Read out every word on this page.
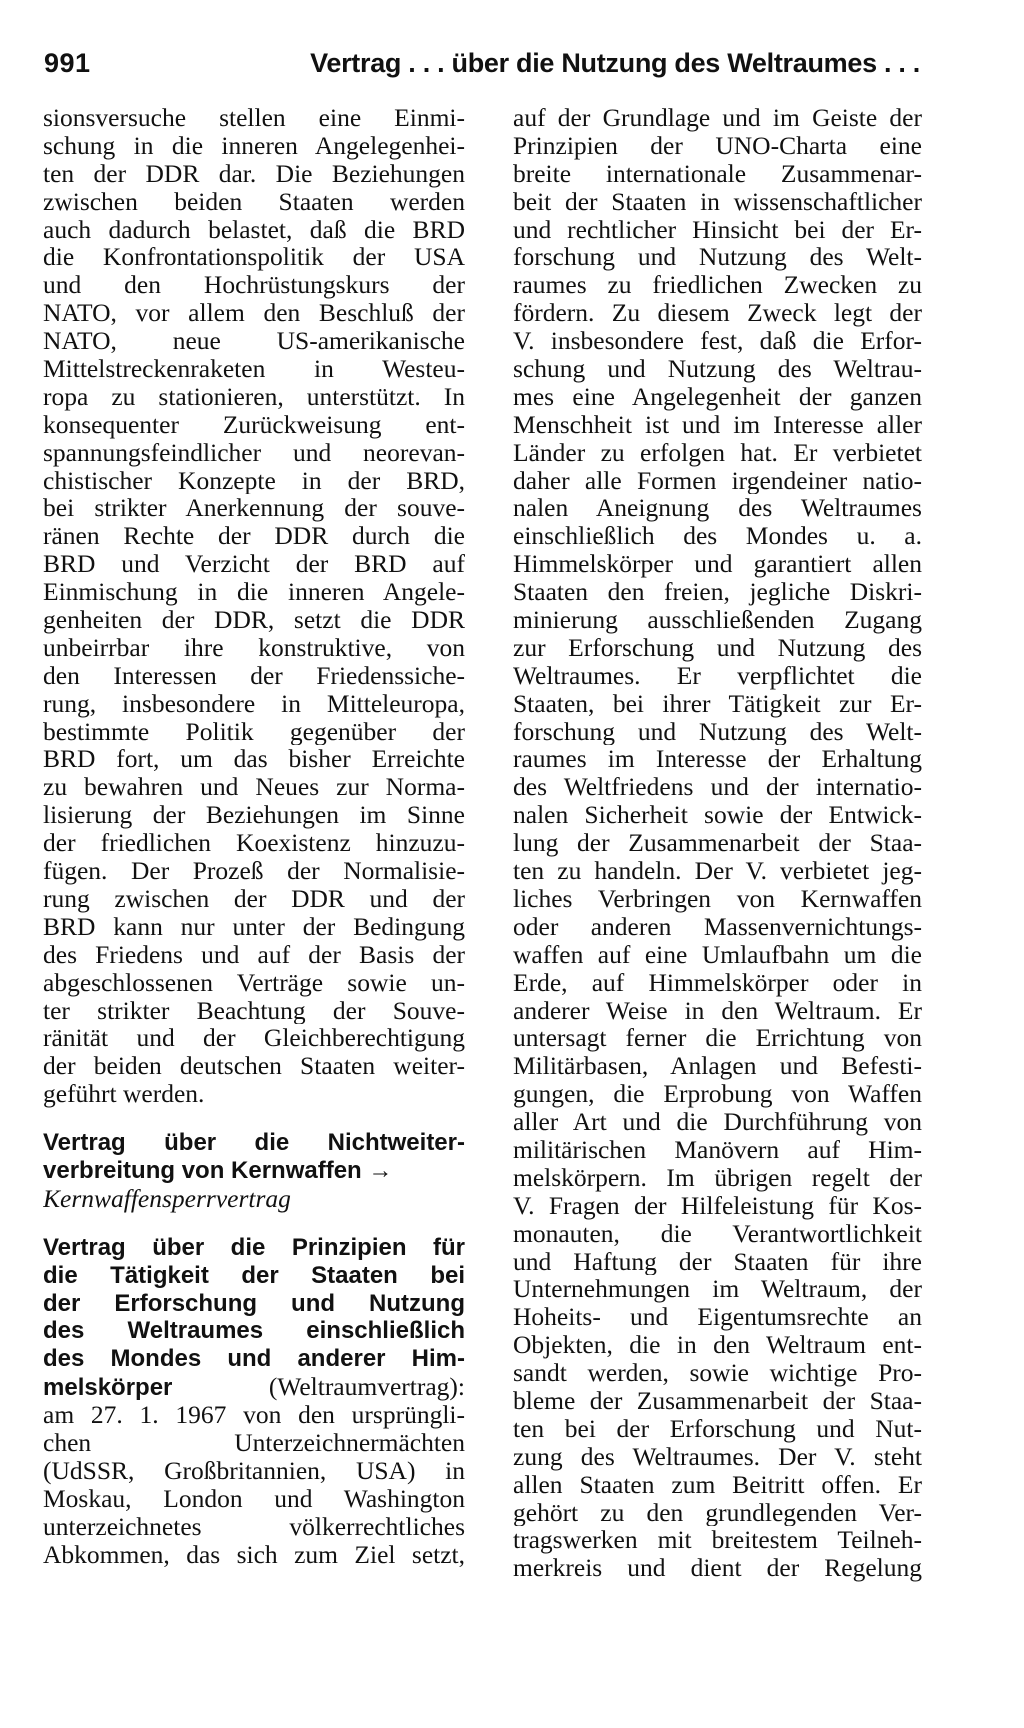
991	Vertrag . . . über die Nutzung des Weltraumes . . .
sionsversuche stellen eine Einmi-
schung in die inneren Angelegenhei-
ten der DDR dar. Die Beziehungen
zwischen beiden Staaten werden
auch dadurch belastet, daß die BRD
die Konfrontationspolitik der USA
und den Hochrüstungskurs der
NATO, vor allem den Beschluß der
NATO, neue US-amerikanische
Mittelstreckenraketen in Westeu-
ropa zu stationieren, unterstützt. In
konsequenter Zurückweisung ent-
spannungsfeindlicher und neorevan-
chistischer Konzepte in der BRD,
bei strikter Anerkennung der souve-
ränen Rechte der DDR durch die
BRD und Verzicht der BRD auf
Einmischung in die inneren Angele-
genheiten der DDR, setzt die DDR
unbeirrbar ihre konstruktive, von
den Interessen der Friedenssiche-
rung, insbesondere in Mitteleuropa,
bestimmte Politik gegenüber der
BRD fort, um das bisher Erreichte
zu bewahren und Neues zur Norma-
lisierung der Beziehungen im Sinne
der friedlichen Koexistenz hinzuzu-
fügen. Der Prozeß der Normalisie-
rung zwischen der DDR und der
BRD kann nur unter der Bedingung
des Friedens und auf der Basis der
abgeschlossenen Verträge sowie un-
ter strikter Beachtung der Souve-
ränität und der Gleichberechtigung
der beiden deutschen Staaten weiter-
geführt werden.
Vertrag über die Nichtweiter-
verbreitung von Kernwaffen →
Kernwaffensperrvertrag
Vertrag über die Prinzipien für
die Tätigkeit der Staaten bei
der Erforschung und Nutzung
des Weltraumes einschließlich
des Mondes und anderer Him-
melskörper	(Weltraumvertrag):
am 27. 1. 1967 von den ursprüngli-
chen Unterzeichnermächten
(UdSSR, Großbritannien, USA) in
Moskau, London und Washington
unterzeichnetes völkerrechtliches
Abkommen, das sich zum Ziel setzt,
auf der Grundlage und im Geiste der
Prinzipien der UNO-Charta eine
breite internationale Zusammenar-
beit der Staaten in wissenschaftlicher
und rechtlicher Hinsicht bei der Er-
forschung und Nutzung des Welt-
raumes zu friedlichen Zwecken zu
fördern. Zu diesem Zweck legt der
V. insbesondere fest, daß die Erfor-
schung und Nutzung des Weltrau-
mes eine Angelegenheit der ganzen
Menschheit ist und im Interesse aller
Länder zu erfolgen hat. Er verbietet
daher alle Formen irgendeiner natio-
nalen Aneignung des Weltraumes
einschließlich des Mondes u. a.
Himmelskörper und garantiert allen
Staaten den freien, jegliche Diskri-
minierung ausschließenden Zugang
zur Erforschung und Nutzung des
Weltraumes. Er verpflichtet die
Staaten, bei ihrer Tätigkeit zur Er-
forschung und Nutzung des Welt-
raumes im Interesse der Erhaltung
des Weltfriedens und der internatio-
nalen Sicherheit sowie der Entwick-
lung der Zusammenarbeit der Staa-
ten zu handeln. Der V. verbietet jeg-
liches Verbringen von Kernwaffen
oder anderen Massenvernichtungs-
waffen auf eine Umlaufbahn um die
Erde, auf Himmelskörper oder in
anderer Weise in den Weltraum. Er
untersagt ferner die Errichtung von
Militärbasen, Anlagen und Befesti-
gungen, die Erprobung von Waffen
aller Art und die Durchführung von
militärischen Manövern auf Him-
melskörpern. Im übrigen regelt der
V. Fragen der Hilfeleistung für Kos-
monauten, die Verantwortlichkeit
und Haftung der Staaten für ihre
Unternehmungen im Weltraum, der
Hoheits- und Eigentumsrechte an
Objekten, die in den Weltraum ent-
sandt werden, sowie wichtige Pro-
bleme der Zusammenarbeit der Staa-
ten bei der Erforschung und Nut-
zung des Weltraumes. Der V. steht
allen Staaten zum Beitritt offen. Er
gehört zu den grundlegenden Ver-
tragswerken mit breitestem Teilneh-
merkreis und dient der Regelung
